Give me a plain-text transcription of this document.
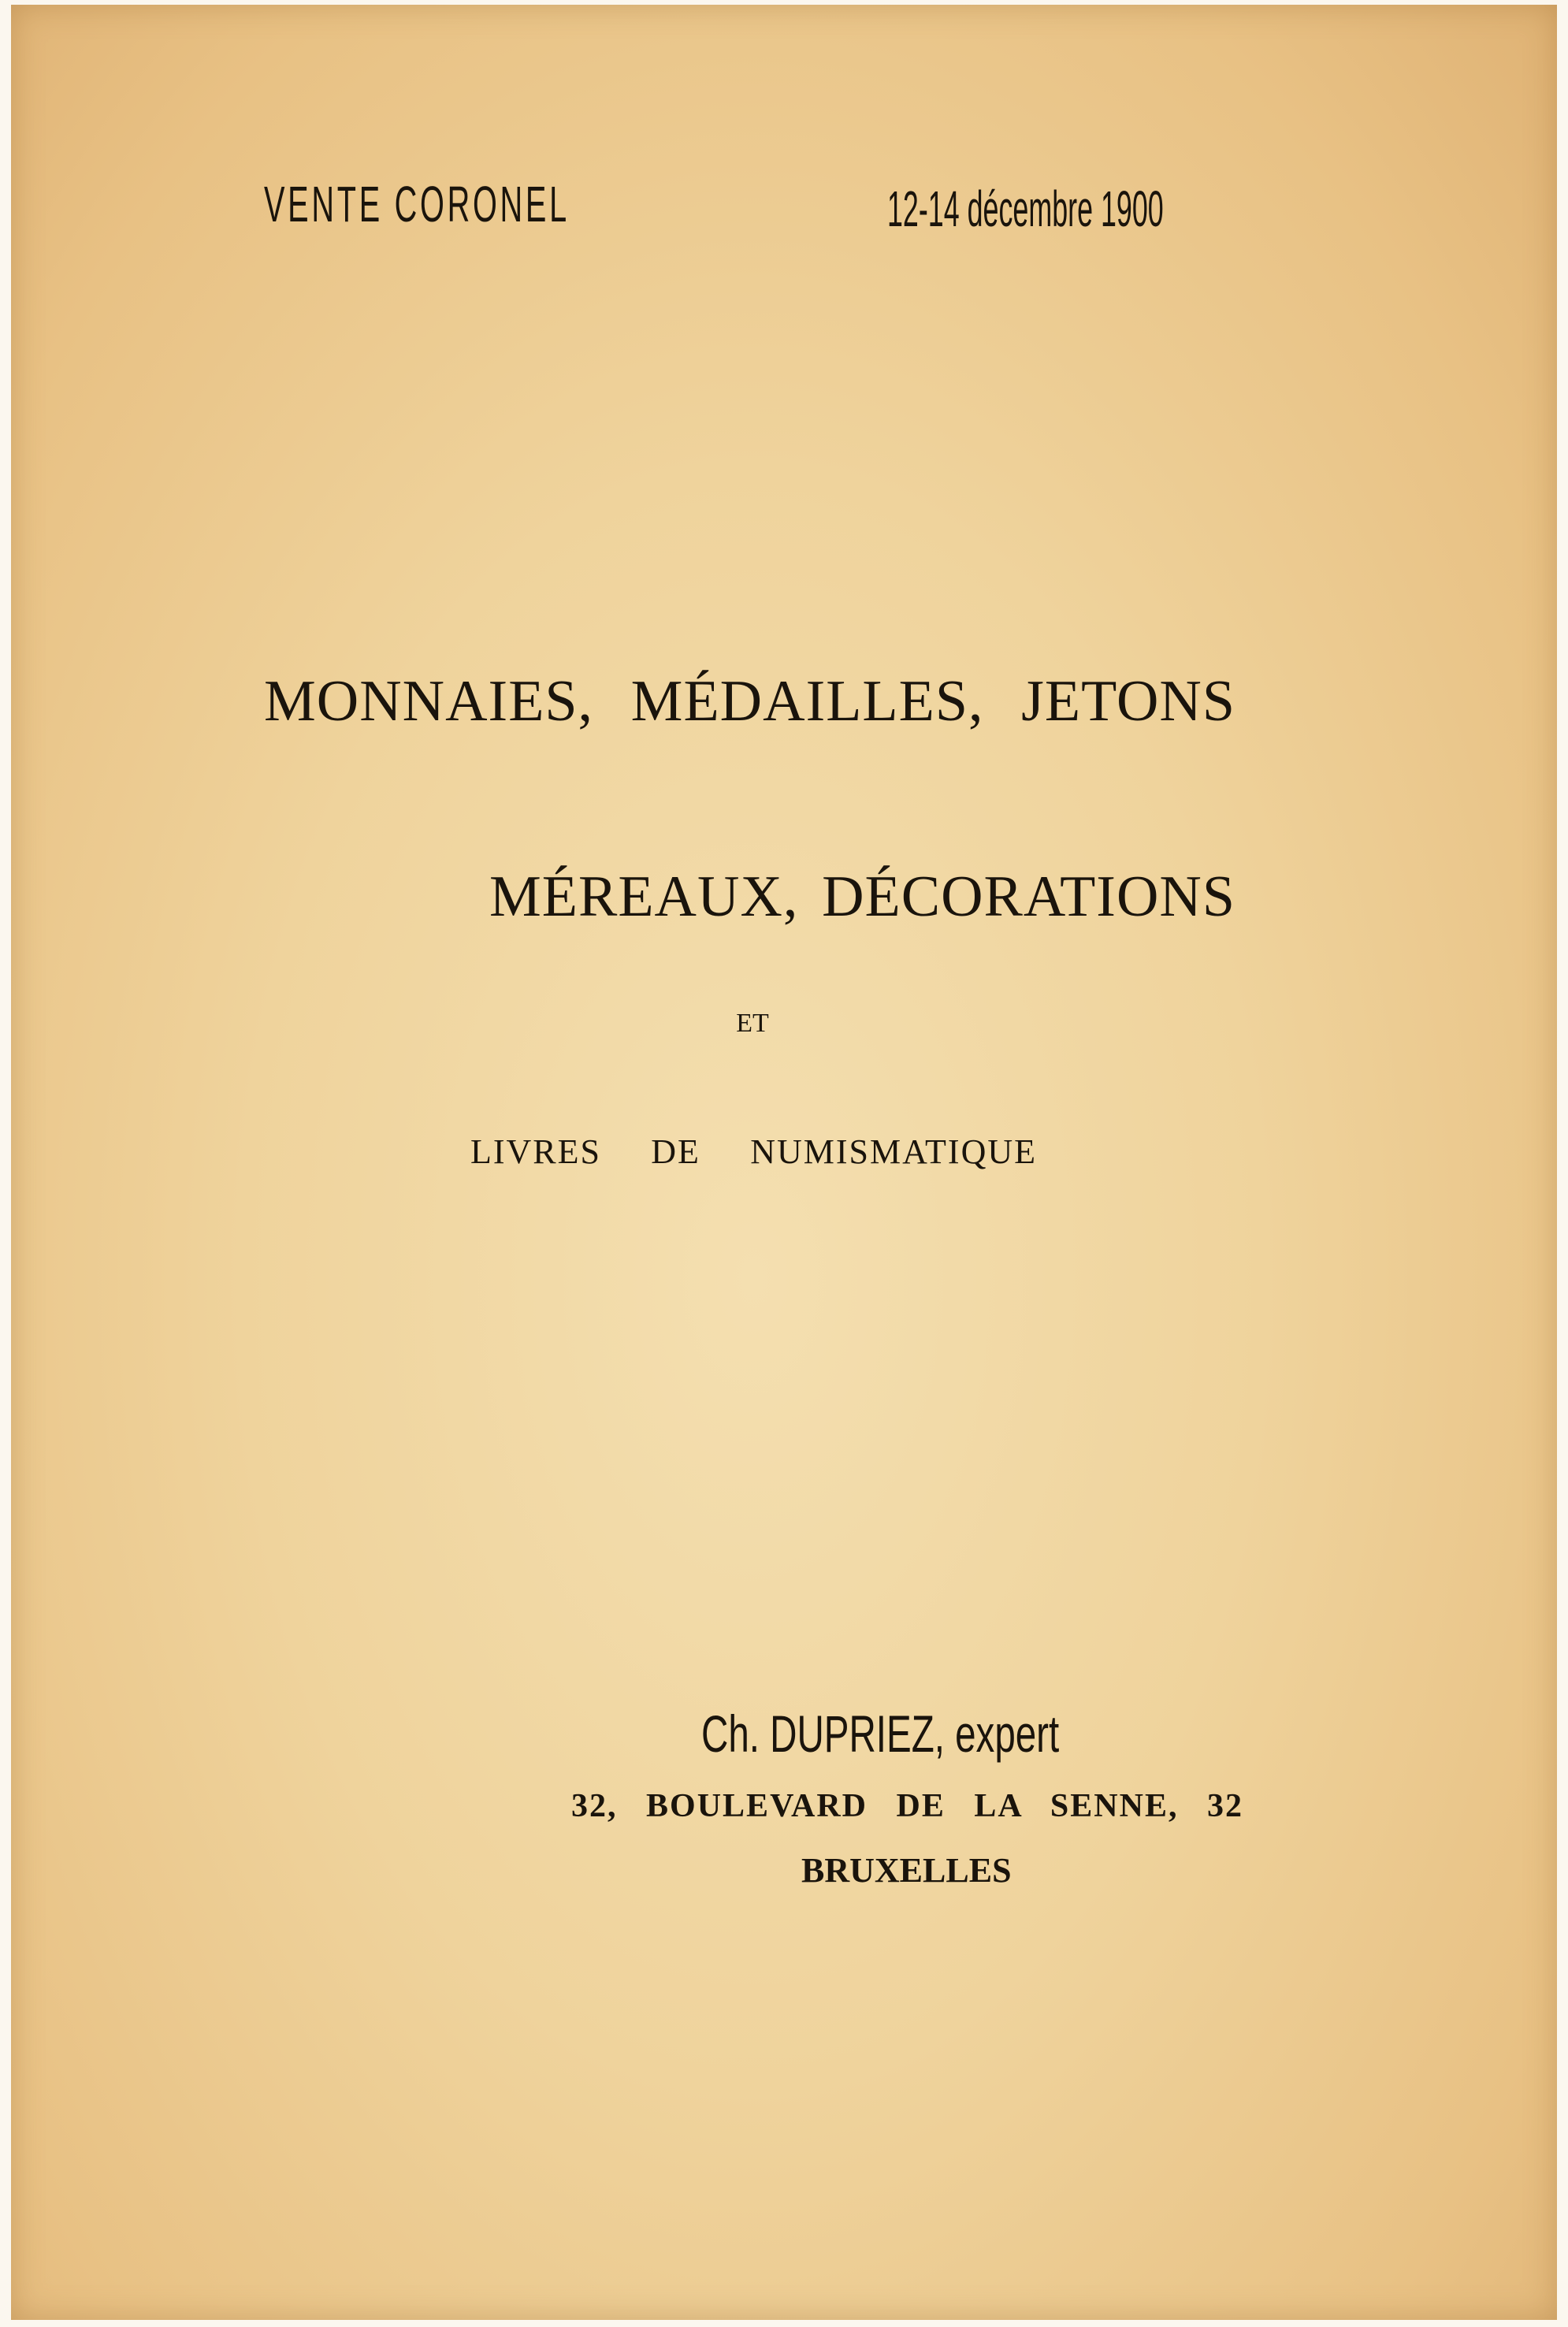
VENTE CORONEL	12-14 décembre 1900
MONNAIES, MÉDAILLES, JETONS
MÉREAUX, DÉCORATIONS
ET
LIVRES DE NUMISMATIQUE
Ch. DUPRIEZ, expert
32, BOULEVARD DE LA SENNE, 32
BRUXELLES
